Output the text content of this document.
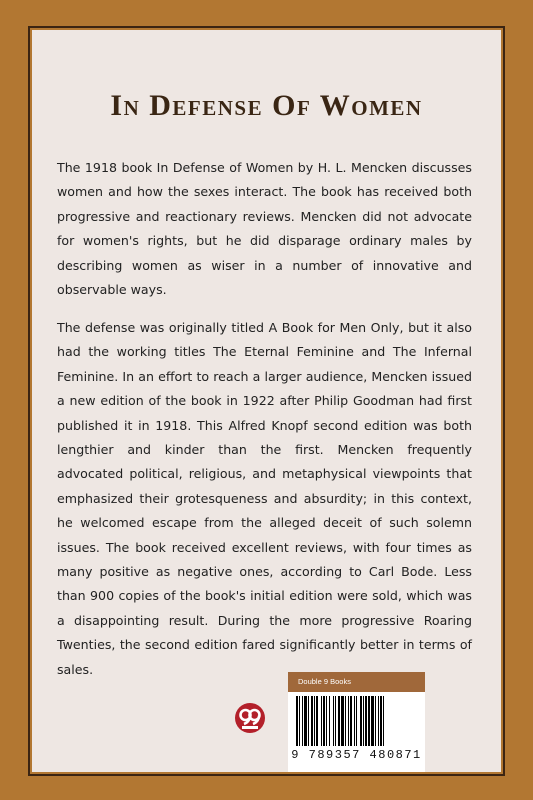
In Defense Of Women

The 1918 book In Defense of Women by H. L. Mencken discusses women and how the sexes interact. The book has received both progressive and reactionary reviews. Mencken did not advocate for women's rights, but he did disparage ordinary males by describing women as wiser in a number of innovative and observable ways.

The defense was originally titled A Book for Men Only, but it also had the working titles The Eternal Feminine and The Infernal Feminine. In an effort to reach a larger audience, Mencken issued a new edition of the book in 1922 after Philip Goodman had first published it in 1918. This Alfred Knopf second edition was both lengthier and kinder than the first. Mencken frequently advocated political, religious, and metaphysical viewpoints that emphasized their grotesqueness and absurdity; in this context, he welcomed escape from the alleged deceit of such solemn issues. The book received excellent reviews, with four times as many positive as negative ones, according to Carl Bode. Less than 900 copies of the book's initial edition were sold, which was a disappointing result. During the more progressive Roaring Twenties, the second edition fared significantly better in terms of sales.

Double 9 Books
9 789357 480871
